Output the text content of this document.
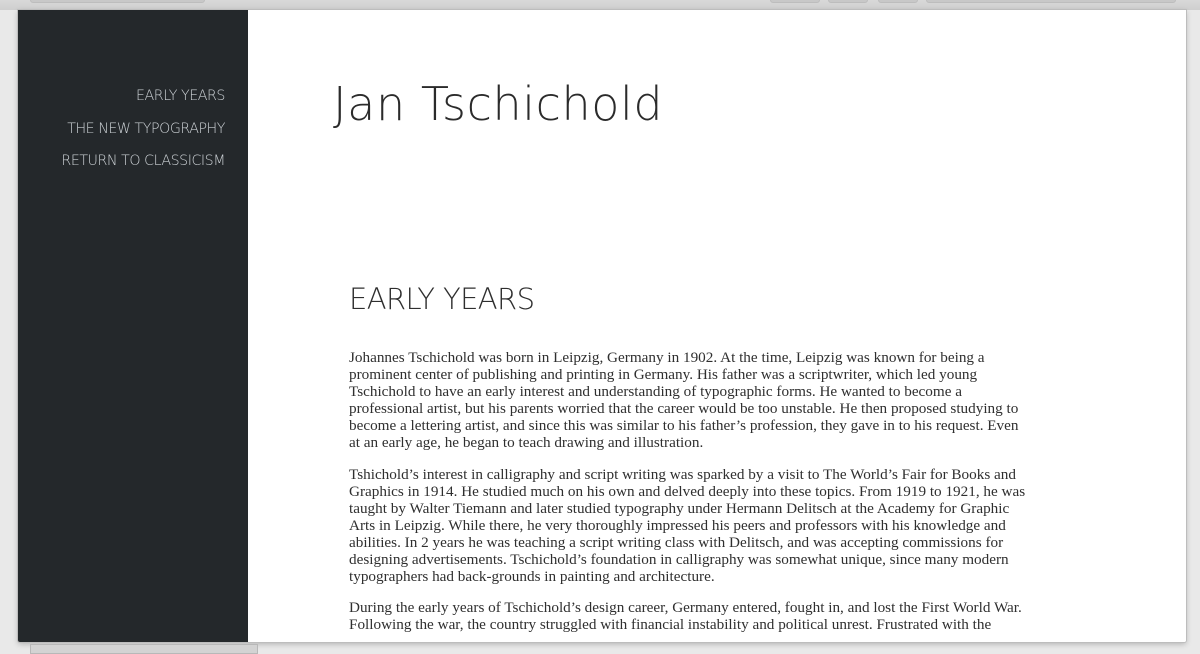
EARLY YEARS
THE NEW TYPOGRAPHY
RETURN TO CLASSICISM
Jan Tschichold
EARLY YEARS

Johannes Tschichold was born in Leipzig, Germany in 1902. At the time, Leipzig was known for being a prominent center of publishing and printing in Germany. His father was a scriptwriter, which led young Tschichold to have an early interest and understanding of typographic forms. He wanted to become a professional artist, but his parents worried that the career would be too unstable. He then proposed studying to become a lettering artist, and since this was similar to his father’s profession, they gave in to his request. Even at an early age, he began to teach drawing and illustration.

Tshichold’s interest in calligraphy and script writing was sparked by a visit to The World’s Fair for Books and Graphics in 1914. He studied much on his own and delved deeply into these topics. From 1919 to 1921, he was taught by Walter Tiemann and later studied typography under Hermann Delitsch at the Academy for Graphic Arts in Leipzig. While there, he very thoroughly impressed his peers and professors with his knowledge and abilities. In 2 years he was teaching a script writing class with Delitsch, and was accepting commissions for designing advertisements. Tschichold’s foundation in calligraphy was somewhat unique, since many modern typographers had back-grounds in painting and architecture.

During the early years of Tschichold’s design career, Germany entered, fought in, and lost the First World War. Following the war, the country struggled with financial instability and political unrest. Frustrated with the
